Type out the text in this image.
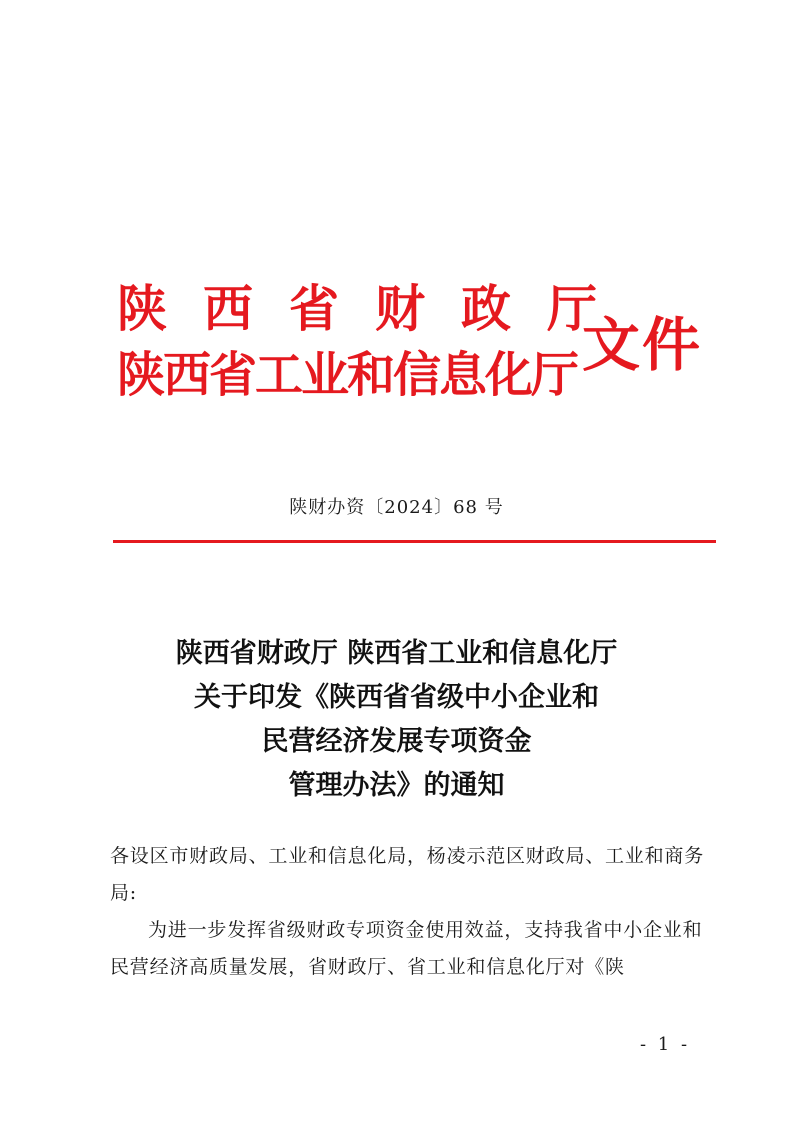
陕西省财政厅
陕西省工业和信息化厅 文件
陕财办资〔2024〕68 号
陕西省财政厅 陕西省工业和信息化厅
关于印发《陕西省省级中小企业和
民营经济发展专项资金
管理办法》的通知

各设区市财政局、工业和信息化局，杨凌示范区财政局、工业和商务局:

为进一步发挥省级财政专项资金使用效益，支持我省中小企业和民营经济高质量发展，省财政厅、省工业和信息化厅对《陕

- 1 -
